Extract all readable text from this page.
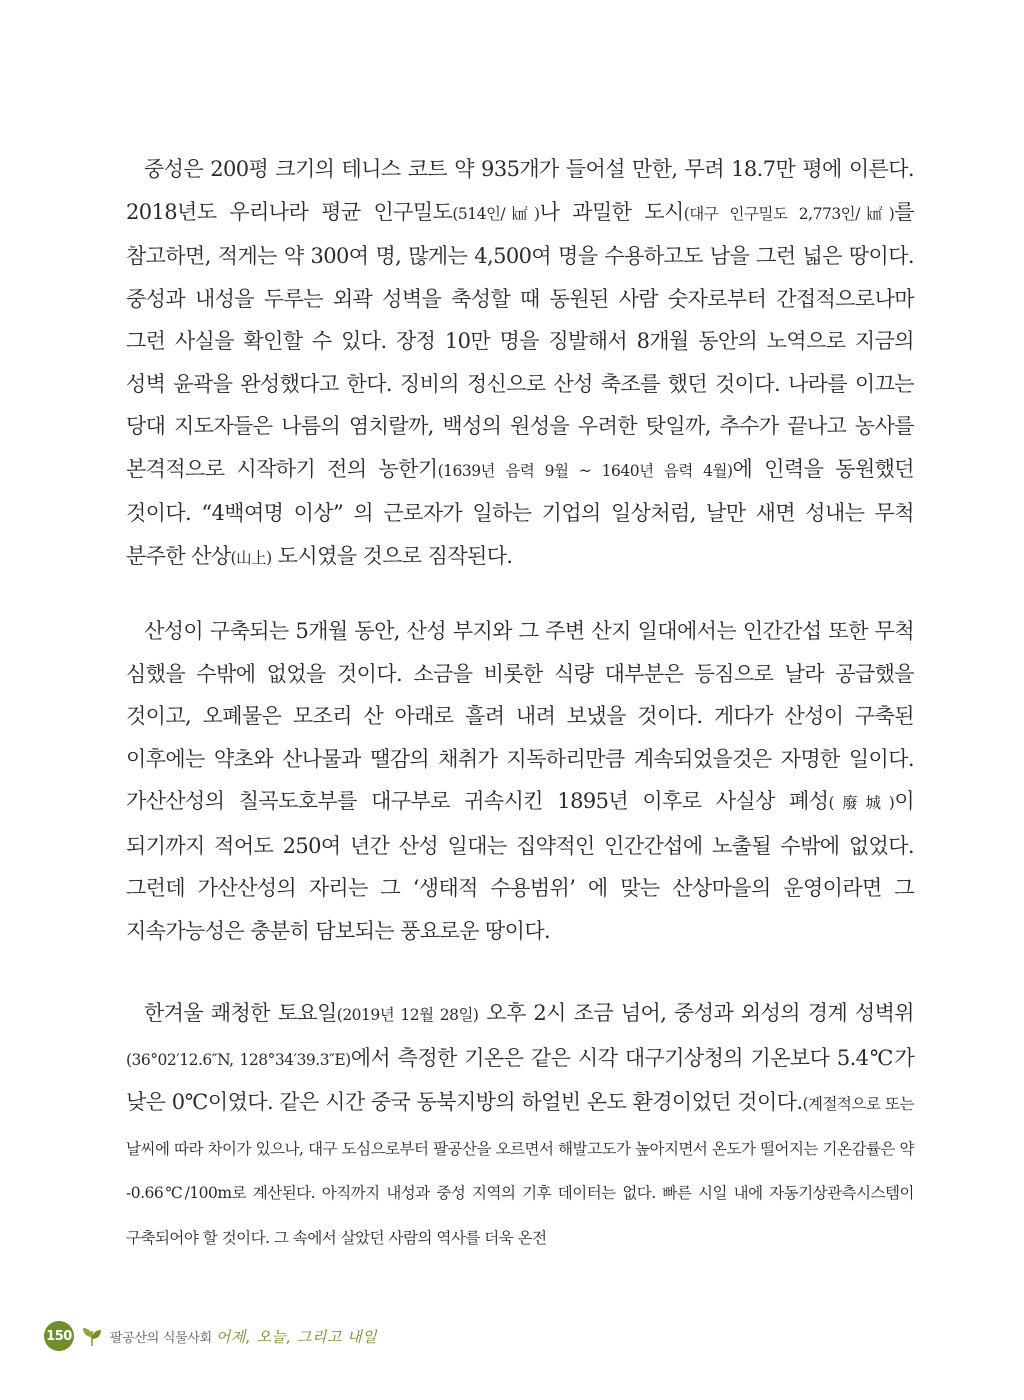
중성은 200평 크기의 테니스 코트 약 935개가 들어설 만한, 무려 18.7만 평에 이른다. 2018년도 우리나라 평균 인구밀도(514인/㎢)나 과밀한 도시(대구 인구밀도 2,773인/㎢)를 참고하면, 적게는 약 300여 명, 많게는 4,500여 명을 수용하고도 남을 그런 넓은 땅이다. 중성과 내성을 두루는 외곽 성벽을 축성할 때 동원된 사람 숫자로부터 간접적으로나마 그런 사실을 확인할 수 있다. 장정 10만 명을 징발해서 8개월 동안의 노역으로 지금의 성벽 윤곽을 완성했다고 한다. 징비의 정신으로 산성 축조를 했던 것이다. 나라를 이끄는 당대 지도자들은 나름의 염치랄까, 백성의 원성을 우려한 탓일까, 추수가 끝나고 농사를 본격적으로 시작하기 전의 농한기(1639년 음력 9월 ~ 1640년 음력 4월)에 인력을 동원했던 것이다. “4백여명 이상” 의 근로자가 일하는 기업의 일상처럼, 날만 새면 성내는 무척 분주한 산상(山上) 도시였을 것으로 짐작된다.

산성이 구축되는 5개월 동안, 산성 부지와 그 주변 산지 일대에서는 인간간섭 또한 무척 심했을 수밖에 없었을 것이다. 소금을 비롯한 식량 대부분은 등짐으로 날라 공급했을 것이고, 오폐물은 모조리 산 아래로 흘려 내려 보냈을 것이다. 게다가 산성이 구축된 이후에는 약초와 산나물과 땔감의 채취가 지독하리만큼 계속되었을것은 자명한 일이다. 가산산성의 칠곡도호부를 대구부로 귀속시킨 1895년 이후로 사실상 폐성(廢城)이 되기까지 적어도 250여 년간 산성 일대는 집약적인 인간간섭에 노출될 수밖에 없었다. 그런데 가산산성의 자리는 그 ‘생태적 수용범위’ 에 맞는 산상마을의 운영이라면 그 지속가능성은 충분히 담보되는 풍요로운 땅이다.

한겨울 쾌청한 토요일(2019년 12월 28일) 오후 2시 조금 넘어, 중성과 외성의 경계 성벽위(36°02′12.6″N, 128°34′39.3″E)에서 측정한 기온은 같은 시각 대구기상청의 기온보다 5.4℃가 낮은 0℃이였다. 같은 시간 중국 동북지방의 하얼빈 온도 환경이었던 것이다.(계절적으로 또는 날씨에 따라 차이가 있으나, 대구 도심으로부터 팔공산을 오르면서 해발고도가 높아지면서 온도가 떨어지는 기온감률은 약 -0.66℃/100m로 계산된다. 아직까지 내성과 중성 지역의 기후 데이터는 없다. 빠른 시일 내에 자동기상관측시스템이 구축되어야 할 것이다. 그 속에서 살았던 사람의 역사를 더욱 온전

150	팔공산의 식물사회 어제, 오늘, 그리고 내일
